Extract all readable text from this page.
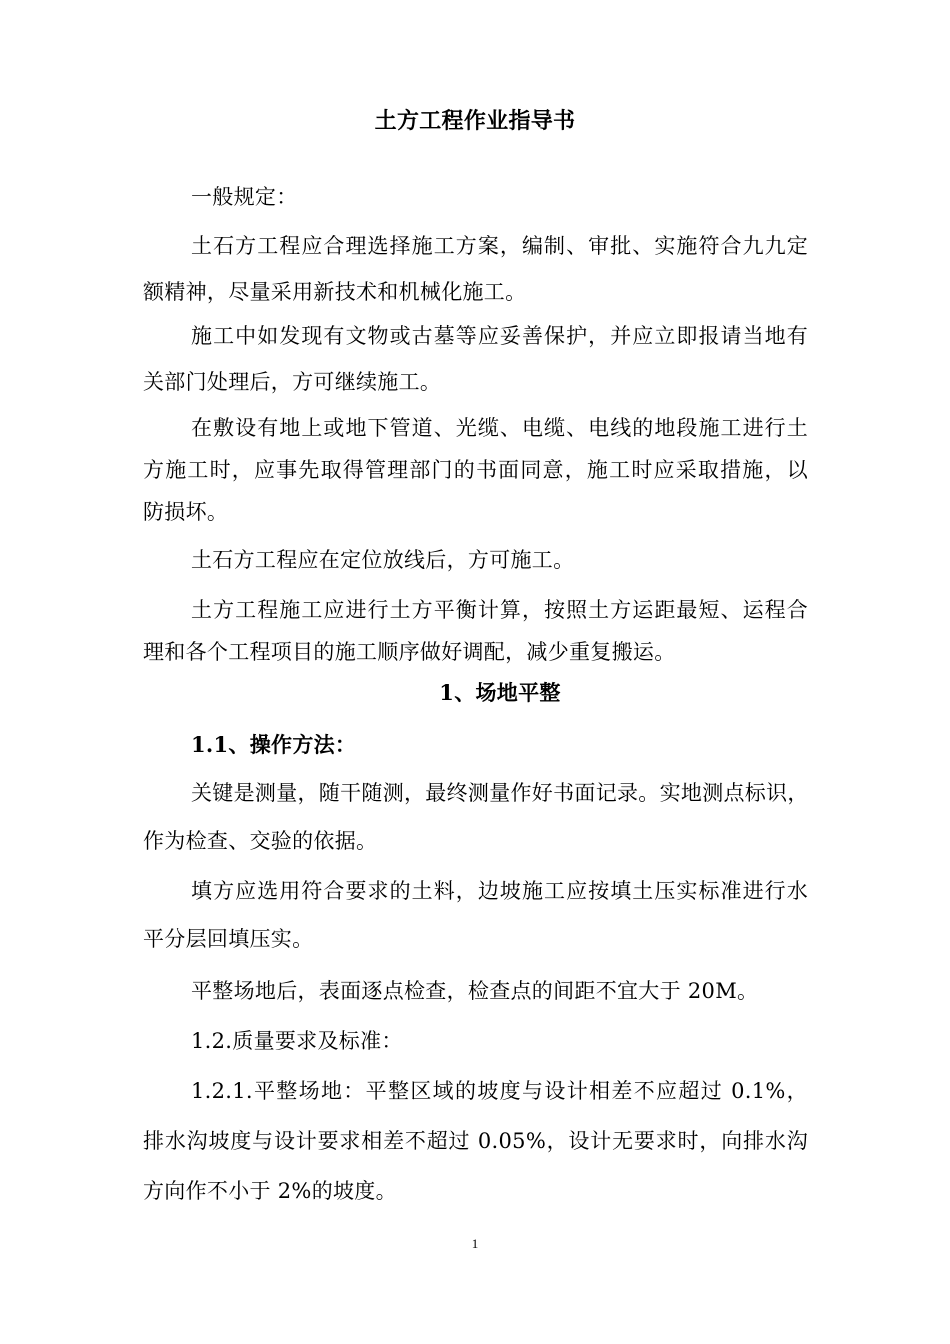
土方工程作业指导书
一般规定：
土石方工程应合理选择施工方案，编制、审批、实施符合九九定
额精神，尽量采用新技术和机械化施工。
施工中如发现有文物或古墓等应妥善保护，并应立即报请当地有
关部门处理后，方可继续施工。
在敷设有地上或地下管道、光缆、电缆、电线的地段施工进行土
方施工时，应事先取得管理部门的书面同意，施工时应采取措施，以
防损坏。
土石方工程应在定位放线后，方可施工。
土方工程施工应进行土方平衡计算，按照土方运距最短、运程合
理和各个工程项目的施工顺序做好调配，减少重复搬运。
1、场地平整
1.1、操作方法：
关键是测量，随干随测，最终测量作好书面记录。实地测点标识，
作为检查、交验的依据。
填方应选用符合要求的土料，边坡施工应按填土压实标准进行水
平分层回填压实。
平整场地后，表面逐点检查，检查点的间距不宜大于 20M。
1.2.质量要求及标准：
1.2.1.平整场地：平整区域的坡度与设计相差不应超过 0.1%，
排水沟坡度与设计要求相差不超过 0.05%，设计无要求时，向排水沟
方向作不小于 2%的坡度。
1
